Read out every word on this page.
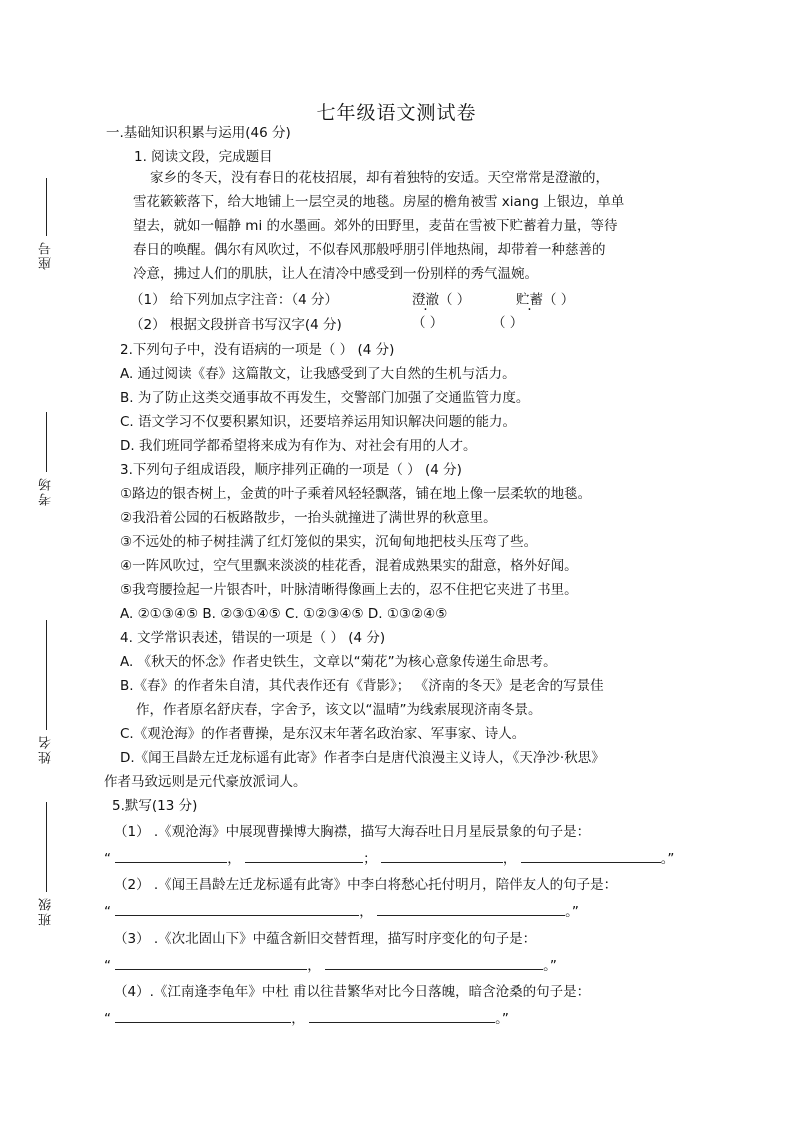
座号
考场
姓名
班级
七年级语文测试卷
一.基础知识积累与运用(46 分)
1. 阅读文段，完成题目
家乡的冬天，没有春日的花枝招展，却有着独特的安适。天空常常是澄澈的，
雪花簌簌落下，给大地铺上一层空灵的地毯。房屋的檐角被雪 xiang 上银边，单单
望去，就如一幅静 mi 的水墨画。郊外的田野里，麦苗在雪被下贮蓄着力量，等待
春日的唤醒。偶尔有风吹过，不似春风那般呼朋引伴地热闹，却带着一种慈善的
冷意，拂过人们的肌肤，让人在清冷中感受到一份别样的秀气温婉。
（1） 给下列加点字注音：（4 分）	澄澈（ ）	贮蓄（ ）
（2） 根据文段拼音书写汉字(4 分)	（ ）	（ ）
2.下列句子中，没有语病的一项是（ ） (4 分)
A. 通过阅读《春》这篇散文，让我感受到了大自然的生机与活力。
B. 为了防止这类交通事故不再发生，交警部门加强了交通监管力度。
C. 语文学习不仅要积累知识，还要培养运用知识解决问题的能力。
D. 我们班同学都希望将来成为有作为、对社会有用的人才。
3.下列句子组成语段，顺序排列正确的一项是（ ） (4 分)
①路边的银杏树上，金黄的叶子乘着风轻轻飘落，铺在地上像一层柔软的地毯。
②我沿着公园的石板路散步，一抬头就撞进了满世界的秋意里。
③不远处的柿子树挂满了红灯笼似的果实，沉甸甸地把枝头压弯了些。
④一阵风吹过，空气里飘来淡淡的桂花香，混着成熟果实的甜意，格外好闻。
⑤我弯腰捡起一片银杏叶，叶脉清晰得像画上去的，忍不住把它夹进了书里。
A. ②①③④⑤ B. ②③①④⑤ C. ①②③④⑤ D. ①③②④⑤
4. 文学常识表述，错误的一项是（ ） (4 分)
A. 《秋天的怀念》作者史铁生，文章以“菊花”为核心意象传递生命思考。
B.《春》的作者朱自清，其代表作还有《背影》； 《济南的冬天》是老舍的写景佳
作，作者原名舒庆春，字舍予，该文以“温晴”为线索展现济南冬景。
C.《观沧海》的作者曹操，是东汉末年著名政治家、军事家、诗人。
D.《闻王昌龄左迁龙标遥有此寄》作者李白是唐代浪漫主义诗人，《天净沙·秋思》
作者马致远则是元代豪放派词人。
5.默写(13 分)
（1） .《观沧海》中展现曹操博大胸襟，描写大海吞吐日月星辰景象的句子是：
“	，	；	，	。”
（2） .《闻王昌龄左迁龙标遥有此寄》中李白将愁心托付明月，陪伴友人的句子是：
“	，	。”
（3） .《次北固山下》中蕴含新旧交替哲理，描写时序变化的句子是：
“	，	。”
（4）.《江南逢李龟年》中杜 甫以往昔繁华对比今日落魄，暗含沧桑的句子是：
“	，	。”
